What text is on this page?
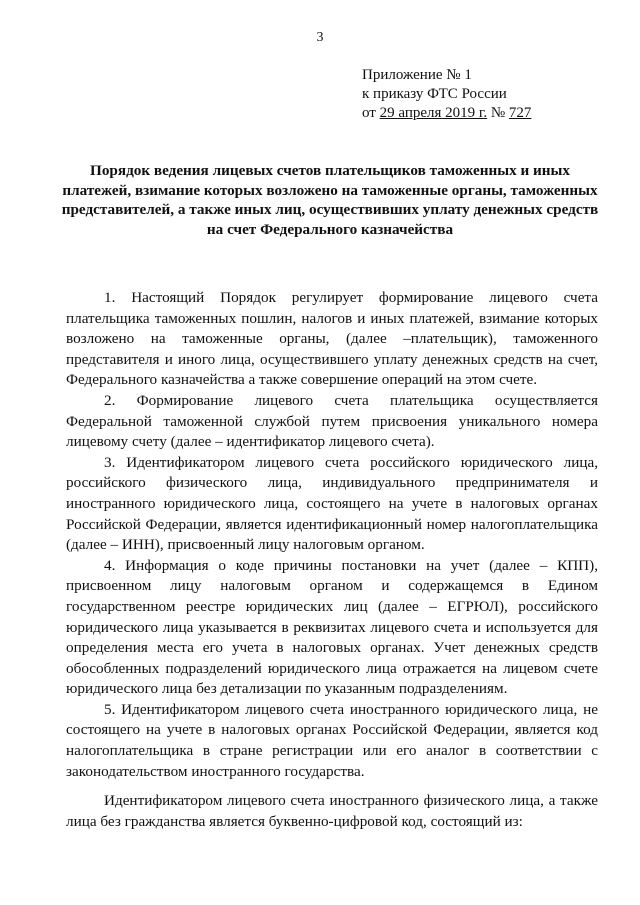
3
Приложение № 1
к приказу ФТС России
от 29 апреля 2019 г. № 727
Порядок ведения лицевых счетов плательщиков таможенных и иных платежей, взимание которых возложено на таможенные органы, таможенных представителей, а также иных лиц, осуществивших уплату денежных средств на счет Федерального казначейства

1. Настоящий Порядок регулирует формирование лицевого счета плательщика таможенных пошлин, налогов и иных платежей, взимание которых возложено на таможенные органы, (далее –плательщик), таможенного представителя и иного лица, осуществившего уплату денежных средств на счет, Федерального казначейства а также совершение операций на этом счете.

2. Формирование лицевого счета плательщика осуществляется Федеральной таможенной службой путем присвоения уникального номера лицевому счету (далее – идентификатор лицевого счета).

3. Идентификатором лицевого счета российского юридического лица, российского физического лица, индивидуального предпринимателя и иностранного юридического лица, состоящего на учете в налоговых органах Российской Федерации, является идентификационный номер налогоплательщика (далее – ИНН), присвоенный лицу налоговым органом.

4. Информация о коде причины постановки на учет (далее – КПП), присвоенном лицу налоговым органом и содержащемся в Едином государственном реестре юридических лиц (далее – ЕГРЮЛ), российского юридического лица указывается в реквизитах лицевого счета и используется для определения места его учета в налоговых органах. Учет денежных средств обособленных подразделений юридического лица отражается на лицевом счете юридического лица без детализации по указанным подразделениям.

5. Идентификатором лицевого счета иностранного юридического лица, не состоящего на учете в налоговых органах Российской Федерации, является код налогоплательщика в стране регистрации или его аналог в соответствии с законодательством иностранного государства.

Идентификатором лицевого счета иностранного физического лица, а также лица без гражданства является буквенно-цифровой код, состоящий из:
